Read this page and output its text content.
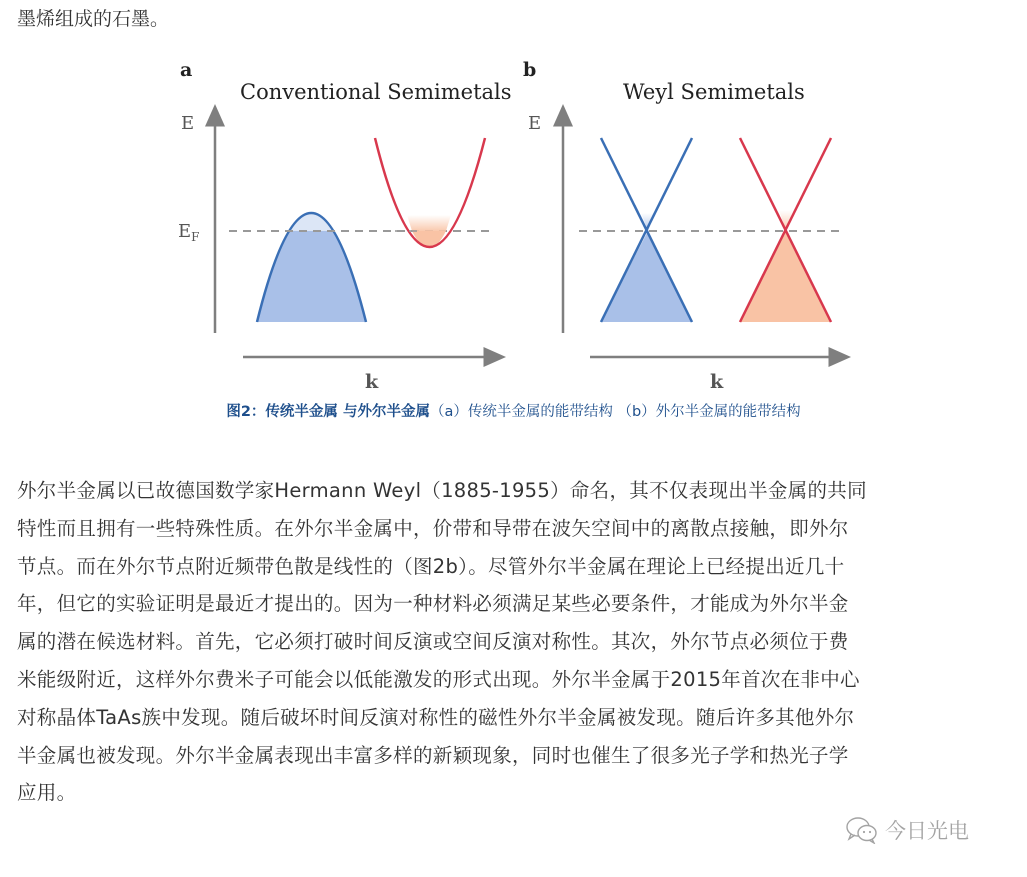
墨烯组成的石墨。
a
Conventional Semimetals
E
$E_F$
k
b
Weyl Semimetals
E
k
图2：传统半金属 与外尔半金属（a）传统半金属的能带结构 （b）外尔半金属的能带结构
外尔半金属以已故德国数学家Hermann Weyl（1885-1955）命名，其不仅表现出半金属的共同
特性而且拥有一些特殊性质。在外尔半金属中，价带和导带在波矢空间中的离散点接触，即外尔
节点。而在外尔节点附近频带色散是线性的（图2b）。尽管外尔半金属在理论上已经提出近几十
年，但它的实验证明是最近才提出的。因为一种材料必须满足某些必要条件，才能成为外尔半金
属的潜在候选材料。首先，它必须打破时间反演或空间反演对称性。其次，外尔节点必须位于费
米能级附近，这样外尔费米子可能会以低能激发的形式出现。外尔半金属于2015年首次在非中心
对称晶体TaAs族中发现。随后破坏时间反演对称性的磁性外尔半金属被发现。随后许多其他外尔
半金属也被发现。外尔半金属表现出丰富多样的新颖现象，同时也催生了很多光子学和热光子学
应用。
今日光电
